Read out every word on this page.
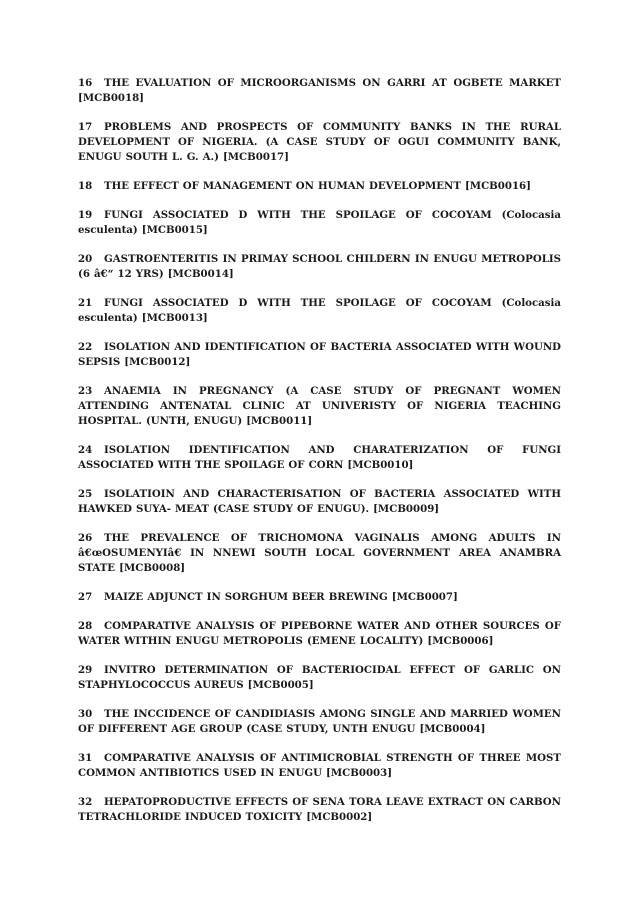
16 THE EVALUATION OF MICROORGANISMS ON GARRI AT OGBETE MARKET [MCB0018]

17 PROBLEMS AND PROSPECTS OF COMMUNITY BANKS IN THE RURAL DEVELOPMENT OF NIGERIA. (A CASE STUDY OF OGUI COMMUNITY BANK, ENUGU SOUTH L. G. A.) [MCB0017]

18 THE EFFECT OF MANAGEMENT ON HUMAN DEVELOPMENT [MCB0016]

19 FUNGI ASSOCIATED D WITH THE SPOILAGE OF COCOYAM (Colocasia esculenta) [MCB0015]

20 GASTROENTERITIS IN PRIMAY SCHOOL CHILDERN IN ENUGU METROPOLIS (6 â€“ 12 YRS) [MCB0014]

21 FUNGI ASSOCIATED D WITH THE SPOILAGE OF COCOYAM (Colocasia esculenta) [MCB0013]

22 ISOLATION AND IDENTIFICATION OF BACTERIA ASSOCIATED WITH WOUND SEPSIS [MCB0012]

23 ANAEMIA IN PREGNANCY (A CASE STUDY OF PREGNANT WOMEN ATTENDING ANTENATAL CLINIC AT UNIVERISTY OF NIGERIA TEACHING HOSPITAL. (UNTH, ENUGU) [MCB0011]

24 ISOLATION IDENTIFICATION AND CHARATERIZATION OF FUNGI ASSOCIATED WITH THE SPOILAGE OF CORN [MCB0010]

25 ISOLATIOIN AND CHARACTERISATION OF BACTERIA ASSOCIATED WITH HAWKED SUYA- MEAT (CASE STUDY OF ENUGU). [MCB0009]

26 THE PREVALENCE OF TRICHOMONA VAGINALIS AMONG ADULTS IN â€œOSUMENYIâ€ IN NNEWI SOUTH LOCAL GOVERNMENT AREA ANAMBRA STATE [MCB0008]

27 MAIZE ADJUNCT IN SORGHUM BEER BREWING [MCB0007]

28 COMPARATIVE ANALYSIS OF PIPEBORNE WATER AND OTHER SOURCES OF WATER WITHIN ENUGU METROPOLIS (EMENE LOCALITY) [MCB0006]

29 INVITRO DETERMINATION OF BACTERIOCIDAL EFFECT OF GARLIC ON STAPHYLOCOCCUS AUREUS [MCB0005]

30 THE INCCIDENCE OF CANDIDIASIS AMONG SINGLE AND MARRIED WOMEN OF DIFFERENT AGE GROUP (CASE STUDY, UNTH ENUGU [MCB0004]

31 COMPARATIVE ANALYSIS OF ANTIMICROBIAL STRENGTH OF THREE MOST COMMON ANTIBIOTICS USED IN ENUGU [MCB0003]

32 HEPATOPRODUCTIVE EFFECTS OF SENA TORA LEAVE EXTRACT ON CARBON TETRACHLORIDE INDUCED TOXICITY [MCB0002]
